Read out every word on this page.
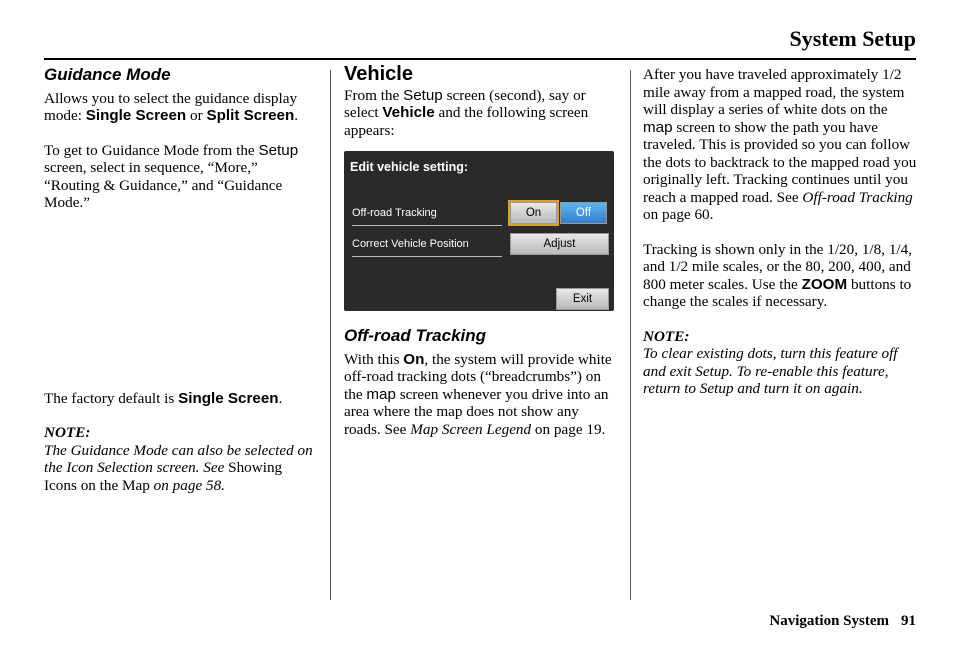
System Setup
Guidance Mode

Allows you to select the guidance display mode: Single Screen or Split Screen.

To get to Guidance Mode from the Setup screen, select in sequence, “More,” “Routing & Guidance,” and “Guidance Mode.”

The factory default is Single Screen.

NOTE:

The Guidance Mode can also be selected on the Icon Selection screen. See Showing Icons on the Map on page 58.

Vehicle

From the Setup screen (second), say or select Vehicle and the following screen appears:

Edit vehicle setting:
Off-road Tracking	On	Off
Correct Vehicle Position	Adjust
Exit
Off-road Tracking

With this On, the system will provide white off-road tracking dots (“breadcrumbs”) on the map screen whenever you drive into an area where the map does not show any roads. See Map Screen Legend on page 19.

After you have traveled approximately 1/2 mile away from a mapped road, the system will display a series of white dots on the map screen to show the path you have traveled. This is provided so you can follow the dots to backtrack to the mapped road you originally left. Tracking continues until you reach a mapped road. See Off-road Tracking on page 60.

Tracking is shown only in the 1/20, 1/8, 1/4, and 1/2 mile scales, or the 80, 200, 400, and 800 meter scales. Use the ZOOM buttons to change the scales if necessary.

NOTE:

To clear existing dots, turn this feature off and exit Setup. To re-enable this feature, return to Setup and turn it on again.

Navigation System 91
